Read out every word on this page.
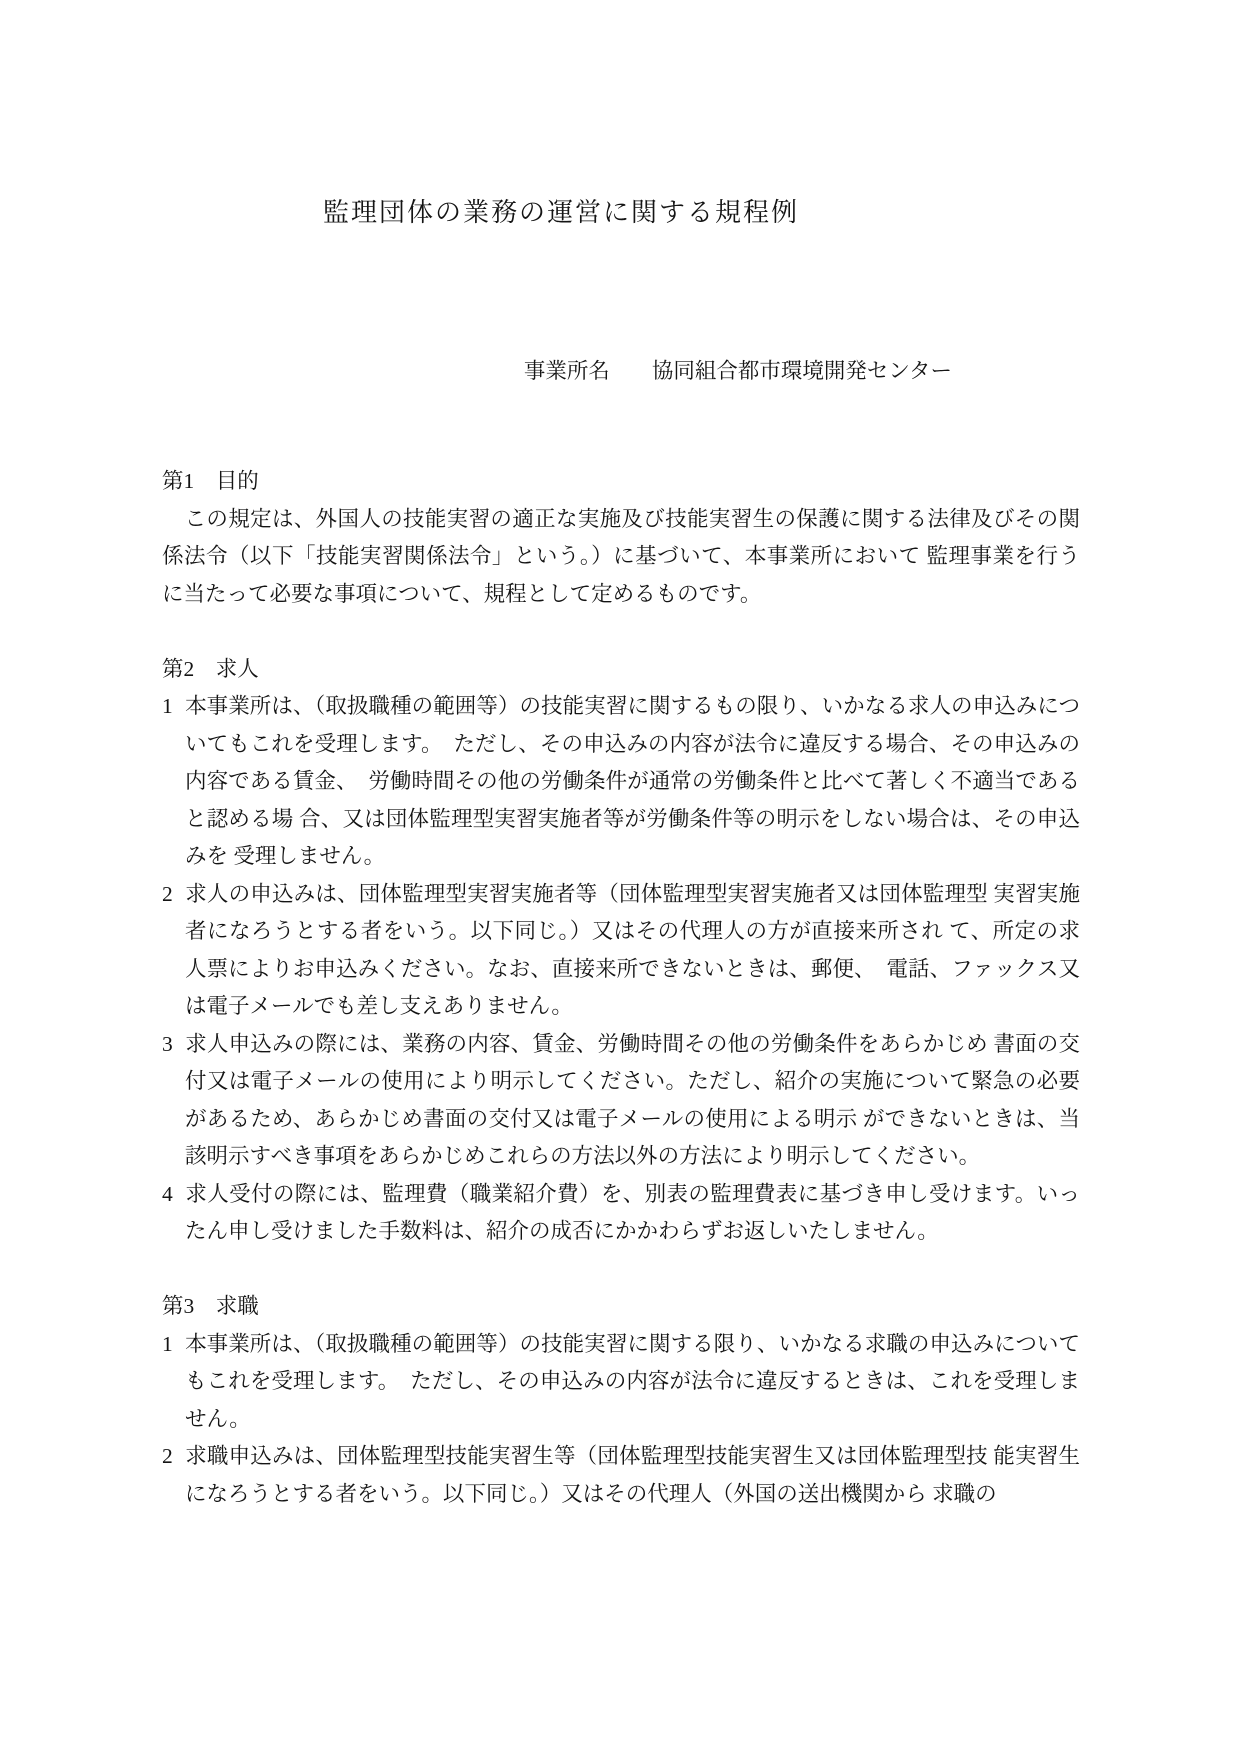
監理団体の業務の運営に関する規程例
事業所名 協同組合都市環境開発センター
第1　目的

この規定は、外国人の技能実習の適正な実施及び技能実習生の保護に関する法律及びその関係法令（以下「技能実習関係法令」という。）に基づいて、本事業所において 監理事業を行うに当たって必要な事項について、規程として定めるものです。

第2　求人
1 本事業所は、（取扱職種の範囲等）の技能実習に関するもの限り、いかなる求人の申込みについてもこれを受理します。　ただし、その申込みの内容が法令に違反する場合、その申込みの内容である賃金、　労働時間その他の労働条件が通常の労働条件と比べて著しく不適当であると認める場 合、又は団体監理型実習実施者等が労働条件等の明示をしない場合は、その申込みを 受理しません。
2 求人の申込みは、団体監理型実習実施者等（団体監理型実習実施者又は団体監理型 実習実施者になろうとする者をいう。以下同じ。）又はその代理人の方が直接来所され て、所定の求人票によりお申込みください。なお、直接来所できないときは、郵便、　電話、ファックス又は電子メールでも差し支えありません。
3 求人申込みの際には、業務の内容、賃金、労働時間その他の労働条件をあらかじめ 書面の交付又は電子メールの使用により明示してください。ただし、紹介の実施について緊急の必要があるため、あらかじめ書面の交付又は電子メールの使用による明示 ができないときは、当該明示すべき事項をあらかじめこれらの方法以外の方法により明示してください。
4 求人受付の際には、監理費（職業紹介費）を、別表の監理費表に基づき申し受けます。いったん申し受けました手数料は、紹介の成否にかかわらずお返しいたしません。
第3　求職
1 本事業所は、（取扱職種の範囲等）の技能実習に関する限り、いかなる求職の申込みについてもこれを受理します。　ただし、その申込みの内容が法令に違反するときは、これを受理しません。
2 求職申込みは、団体監理型技能実習生等（団体監理型技能実習生又は団体監理型技 能実習生になろうとする者をいう。以下同じ。）又はその代理人（外国の送出機関から 求職の
